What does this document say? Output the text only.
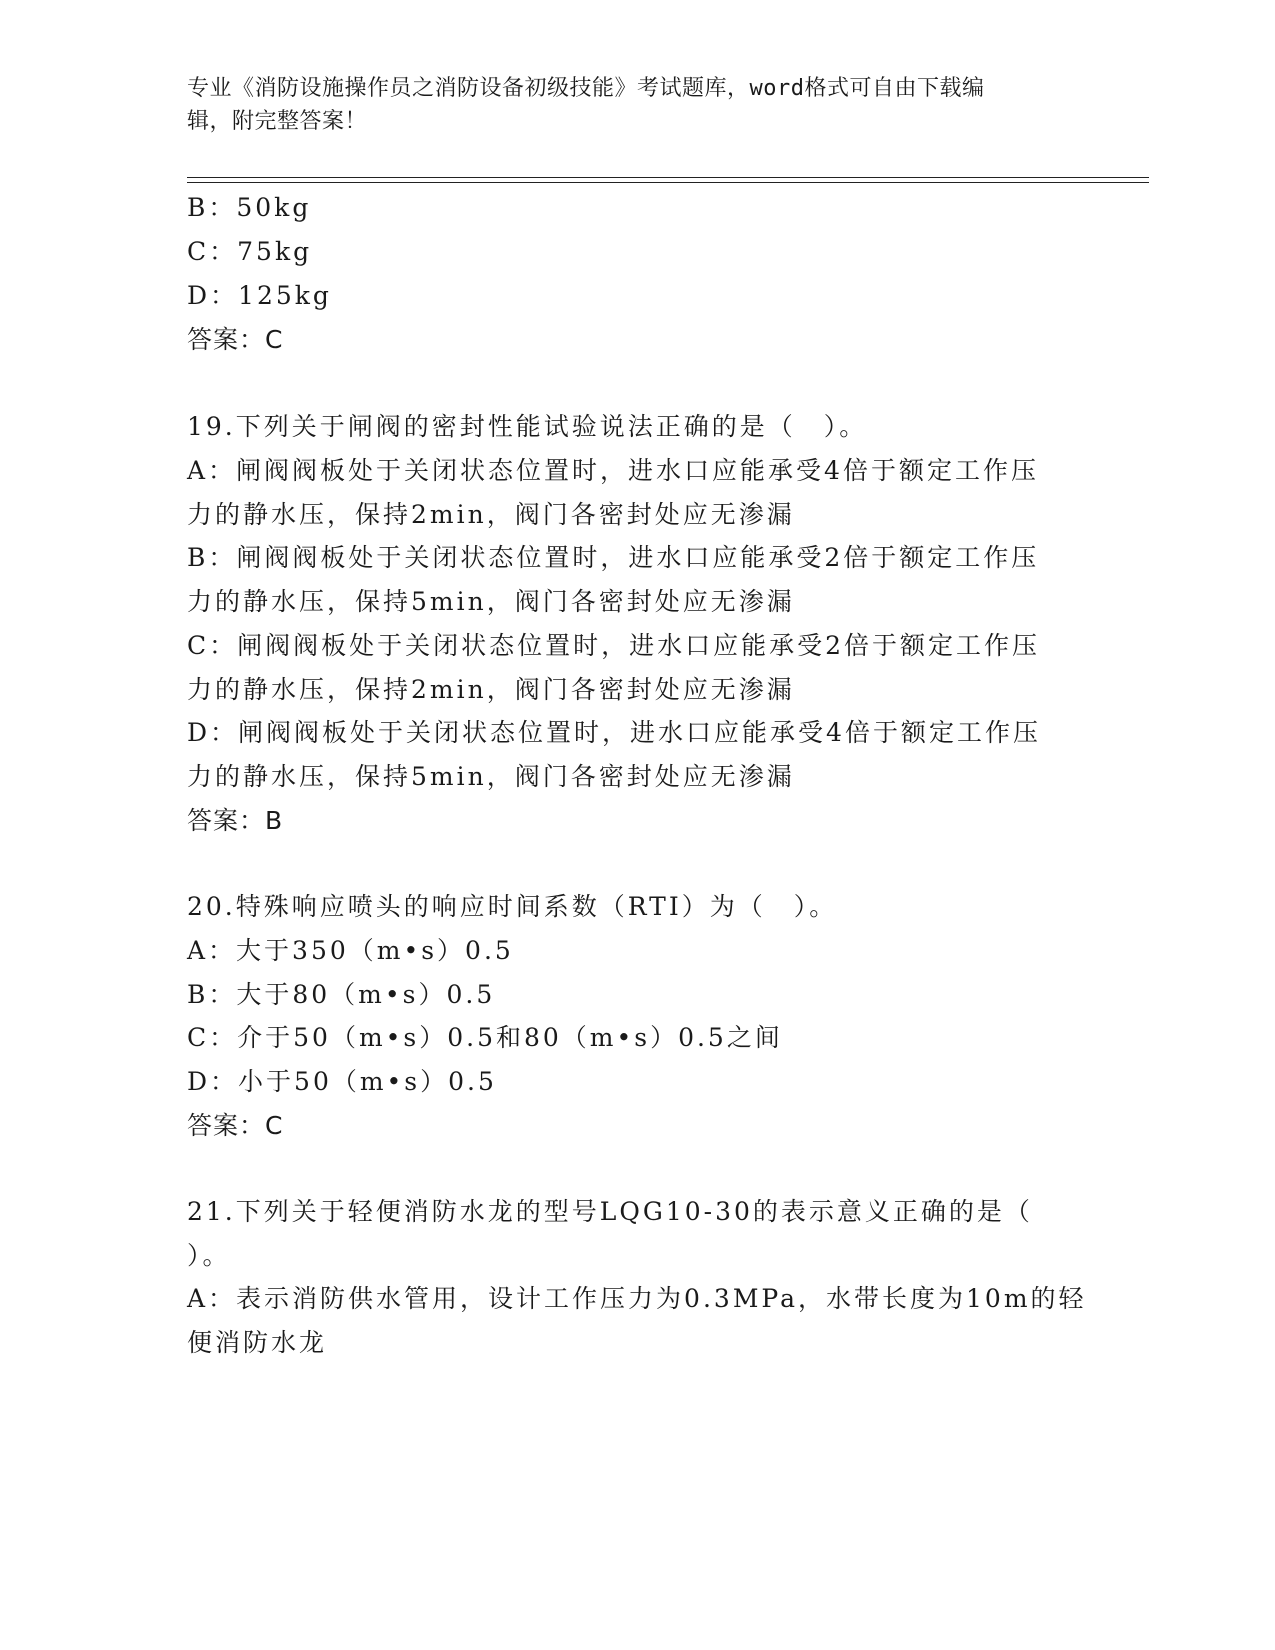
专业《消防设施操作员之消防设备初级技能》考试题库，word格式可自由下载编
辑，附完整答案！
B：50kg
C：75kg
D：125kg
答案：C
19.下列关于闸阀的密封性能试验说法正确的是（　）。
A：闸阀阀板处于关闭状态位置时，进水口应能承受4倍于额定工作压
力的静水压，保持2min，阀门各密封处应无渗漏
B：闸阀阀板处于关闭状态位置时，进水口应能承受2倍于额定工作压
力的静水压，保持5min，阀门各密封处应无渗漏
C：闸阀阀板处于关闭状态位置时，进水口应能承受2倍于额定工作压
力的静水压，保持2min，阀门各密封处应无渗漏
D：闸阀阀板处于关闭状态位置时，进水口应能承受4倍于额定工作压
力的静水压，保持5min，阀门各密封处应无渗漏
答案：B
20.特殊响应喷头的响应时间系数（RTI）为（　）。
A：大于350（m•s）0.5
B：大于80（m•s）0.5
C：介于50（m•s）0.5和80（m•s）0.5之间
D：小于50（m•s）0.5
答案：C
21.下列关于轻便消防水龙的型号LQG10-30的表示意义正确的是（
）。
A：表示消防供水管用，设计工作压力为0.3MPa，水带长度为10m的轻
便消防水龙
